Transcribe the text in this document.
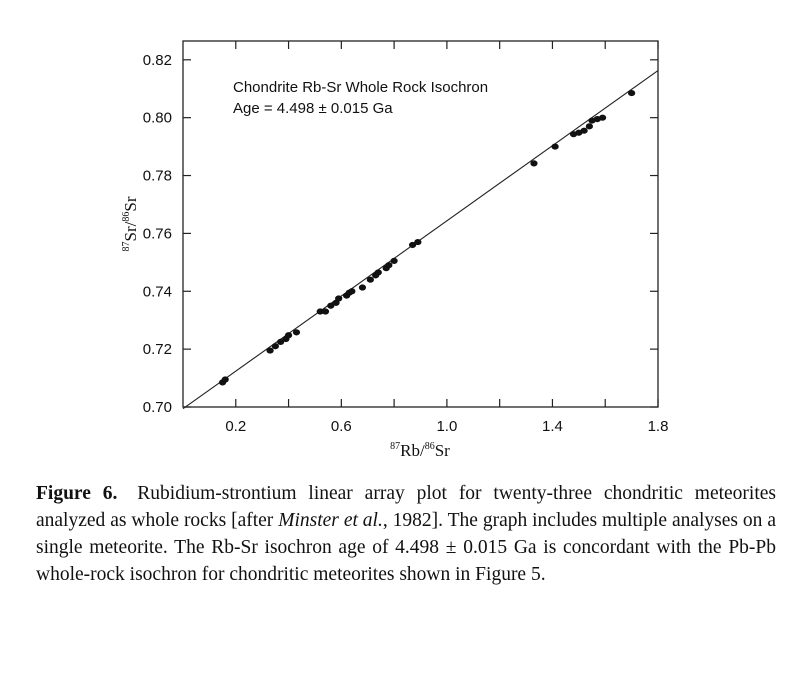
0.2	0.6	1.0	1.4	1.8
0.70
0.72
0.74
0.76
0.78
0.80
0.82
Chondrite Rb-Sr Whole Rock Isochron
Age = 4.498 ± 0.015 Ga
$^{87}$Rb/$^{86}$Sr
$^{87}$Sr/$^{86}$Sr
Figure 6. Rubidium-strontium linear array plot for twenty-three chondritic meteorites analyzed as whole rocks [after Minster et al., 1982]. The graph includes multiple analyses on a single meteorite. The Rb-Sr isochron age of 4.498 ± 0.015 Ga is concordant with the Pb-Pb whole-rock isochron for chondritic meteorites shown in Figure 5.
